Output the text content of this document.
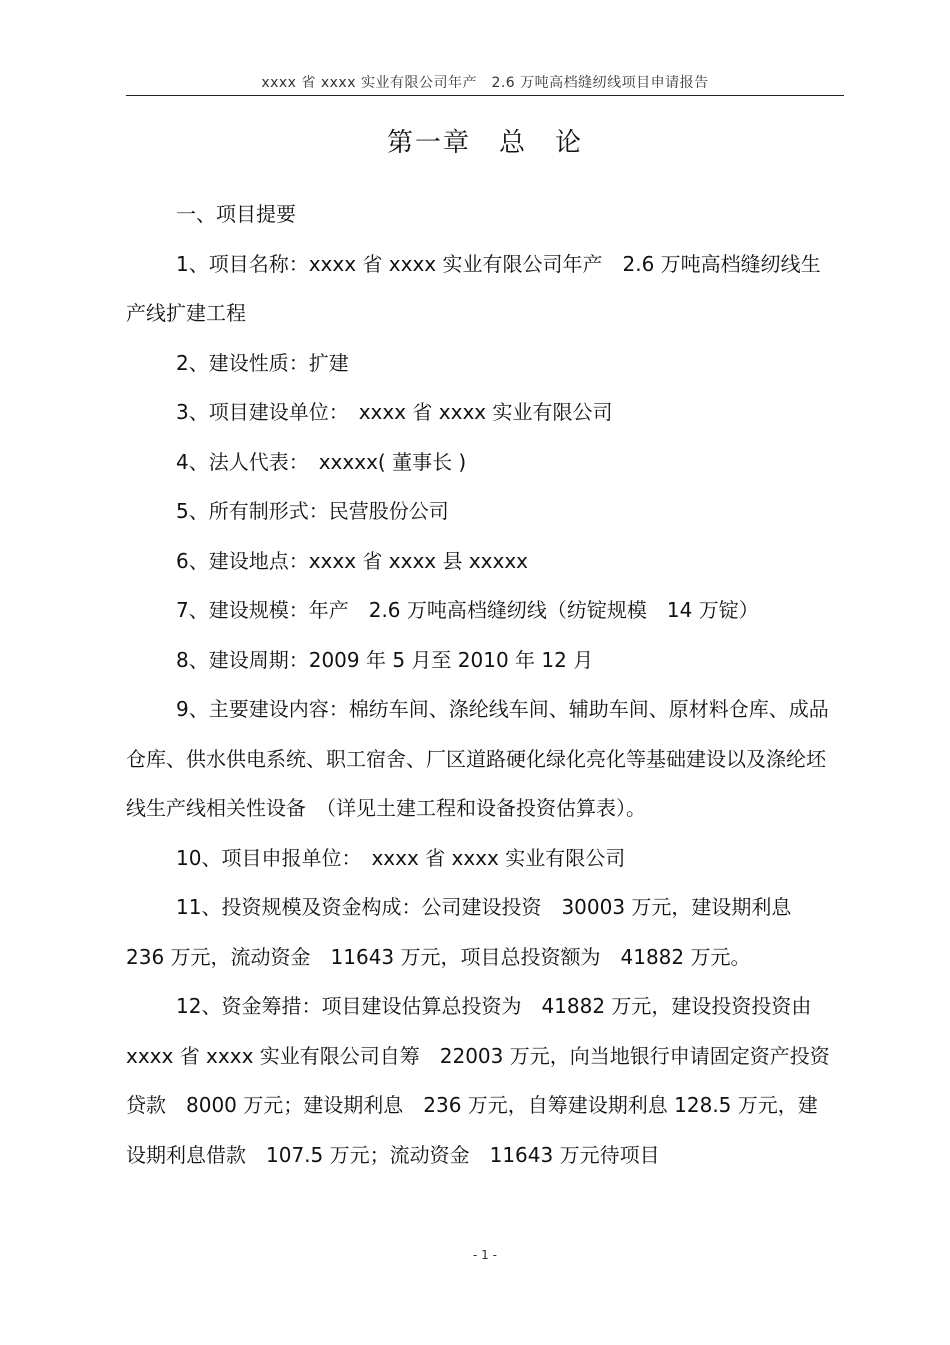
xxxx 省 xxxx 实业有限公司年产　2.6 万吨高档缝纫线项目申请报告
第一章　总　论

一、项目提要

1、项目名称：xxxx 省 xxxx 实业有限公司年产　2.6 万吨高档缝纫线生产线扩建工程

2、建设性质：扩建

3、项目建设单位：　xxxx 省 xxxx 实业有限公司

4、法人代表：　xxxxx( 董事长 )

5、所有制形式：民营股份公司

6、建设地点：xxxx 省 xxxx 县 xxxxx

7、建设规模：年产　2.6 万吨高档缝纫线（纺锭规模　14 万锭）

8、建设周期：2009 年 5 月至 2010 年 12 月

9、主要建设内容：棉纺车间、涤纶线车间、辅助车间、原材料仓库、成品仓库、供水供电系统、职工宿舍、厂区道路硬化绿化亮化等基础建设以及涤纶坯线生产线相关性设备　（详见土建工程和设备投资估算表）。

10、项目申报单位：　xxxx 省 xxxx 实业有限公司

11、投资规模及资金构成：公司建设投资　30003 万元，建设期利息 236 万元，流动资金　11643 万元，项目总投资额为　41882 万元。

12、资金筹措：项目建设估算总投资为　41882 万元，建设投资投资由 xxxx 省 xxxx 实业有限公司自筹　22003 万元，向当地银行申请固定资产投资贷款　8000 万元；建设期利息　236 万元，自筹建设期利息 128.5 万元，建设期利息借款　107.5 万元；流动资金　11643 万元待项目

- 1 -
